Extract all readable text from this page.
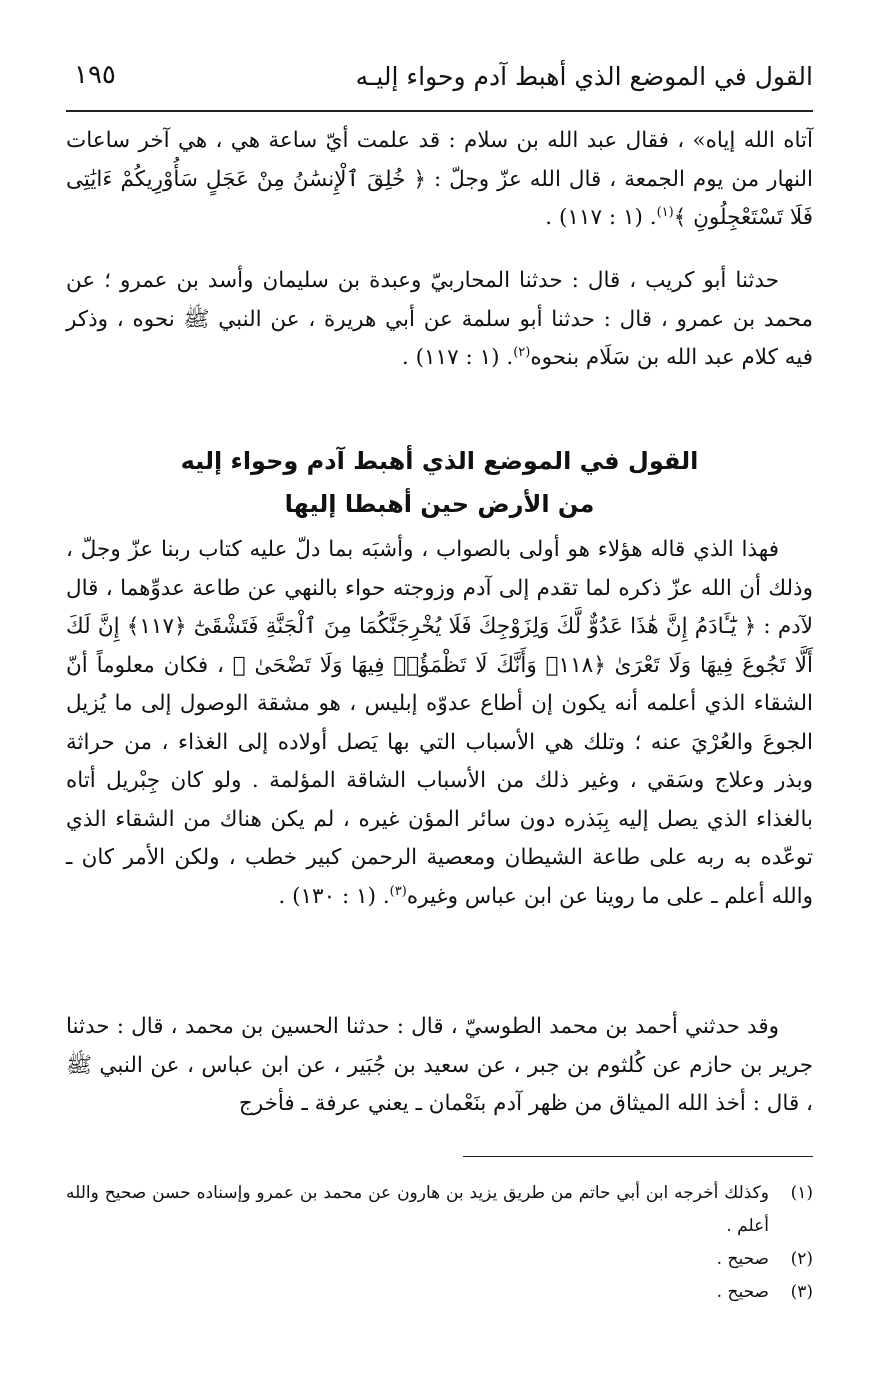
القول في الموضع الذي أهبط آدم وحواء إليـه
١٩٥

آتاه الله إياه» ، فقال عبد الله بن سلام : قد علمت أيّ ساعة هي ، هي آخر ساعات النهار من يوم الجمعة ، قال الله عزّ وجلّ : ﴿ خُلِقَ ٱلْإِنسَٰنُ مِنْ عَجَلٍ سَأُوْرِيكُمْ ءَايَٰتِى فَلَا تَسْتَعْجِلُونِ ﴾$^{(١)}$. (١ : ١١٧) .

حدثنا أبو كريب ، قال : حدثنا المحاربيّ وعبدة بن سليمان وأسد بن عمرو ؛ عن محمد بن عمرو ، قال : حدثنا أبو سلمة عن أبي هريرة ، عن النبي ﷺ نحوه ، وذكر فيه كلام عبد الله بن سَلَام بنحوه$^{(٢)}$. (١ : ١١٧) .

القول في الموضع الذي أهبط آدم وحواء إليه
من الأرض حين أهبطا إليها

فهذا الذي قاله هؤلاء هو أولى بالصواب ، وأشبَه بما دلّ عليه كتاب ربنا عزّ وجلّ ، وذلك أن الله عزّ ذكره لما تقدم إلى آدم وزوجته حواء بالنهي عن طاعة عدوِّهما ، قال لآدم : ﴿ يَٰٓـَٔادَمُ إِنَّ هَٰذَا عَدُوٌّ لَّكَ وَلِزَوْجِكَ فَلَا يُخْرِجَنَّكُمَا مِنَ ٱلْجَنَّةِ فَتَشْقَىٰٓ ﴿١١٧﴾ إِنَّ لَكَ أَلَّا تَجُوعَ فِيهَا وَلَا تَعْرَىٰ ﴿١١٨﴾ وَأَنَّكَ لَا تَظْمَؤُا۟ فِيهَا وَلَا تَضْحَىٰ ﴾ ، فكان معلوماً أنّ الشقاء الذي أعلمه أنه يكون إن أطاع عدوّه إبليس ، هو مشقة الوصول إلى ما يُزيل الجوعَ والعُرْيَ عنه ؛ وتلك هي الأسباب التي بها يَصل أولاده إلى الغذاء ، من حراثة وبذر وعلاج وسَقي ، وغير ذلك من الأسباب الشاقة المؤلمة . ولو كان جِبْريل أتاه بالغذاء الذي يصل إليه بِبَذره دون سائر المؤن غيره ، لم يكن هناك من الشقاء الذي توعّده به ربه على طاعة الشيطان ومعصية الرحمن كبير خطب ، ولكن الأمر كان ـ والله أعلم ـ على ما روينا عن ابن عباس وغيره$^{(٣)}$. (١ : ١٣٠) .

وقد حدثني أحمد بن محمد الطوسيّ ، قال : حدثنا الحسين بن محمد ، قال : حدثنا جرير بن حازم عن كُلثوم بن جبر ، عن سعيد بن جُبَير ، عن ابن عباس ، عن النبي ﷺ ، قال : أخذ الله الميثاق من ظهر آدم بنَعْمان ـ يعني عرفة ـ فأخرج

(١)
وكذلك أخرجه ابن أبي حاتم من طريق يزيد بن هارون عن محمد بن عمرو وإسناده حسن صحيح والله أعلم .
(٢)
صحيح .
(٣)
صحيح .
